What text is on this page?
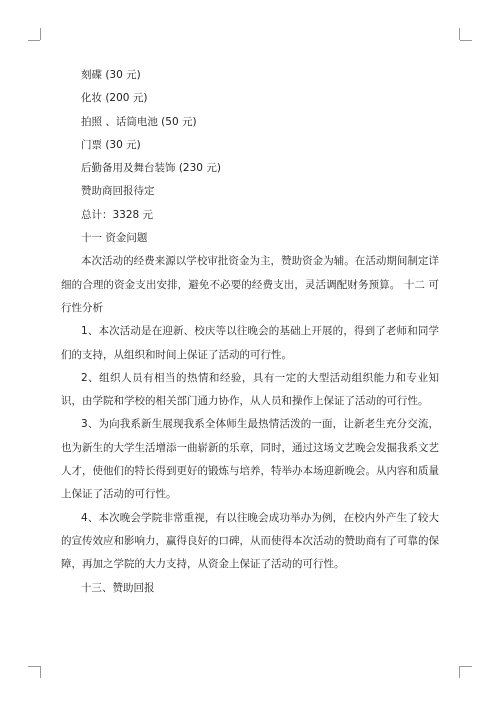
刻碟 (30 元)
化妆 (200 元)
拍照 、话筒电池 (50 元)
门票 (30 元)
后勤备用及舞台装饰 (230 元)
赞助商回报待定
总计：3328 元
十一 资金问题
本次活动的经费来源以学校审批资金为主，赞助资金为辅。在活动期间制定详细的合理的资金支出安排，避免不必要的经费支出，灵活调配财务预算。 十二 可行性分析
1、本次活动是在迎新、校庆等以往晚会的基础上开展的，得到了老师和同学们的支持，从组织和时间上保证了活动的可行性。
2、组织人员有相当的热情和经验，具有一定的大型活动组织能力和专业知识，由学院和学校的相关部门通力协作，从人员和操作上保证了活动的可行性。
3、为向我系新生展现我系全体师生最热情活泼的一面，让新老生充分交流，也为新生的大学生活增添一曲崭新的乐章，同时，通过这场文艺晚会发掘我系文艺人才，使他们的特长得到更好的锻炼与培养，特举办本场迎新晚会。从内容和质量上保证了活动的可行性。
4、本次晚会学院非常重视，有以往晚会成功举办为例，在校内外产生了较大的宣传效应和影响力，赢得良好的口碑，从而使得本次活动的赞助商有了可靠的保障，再加之学院的大力支持，从资金上保证了活动的可行性。
十三、赞助回报
